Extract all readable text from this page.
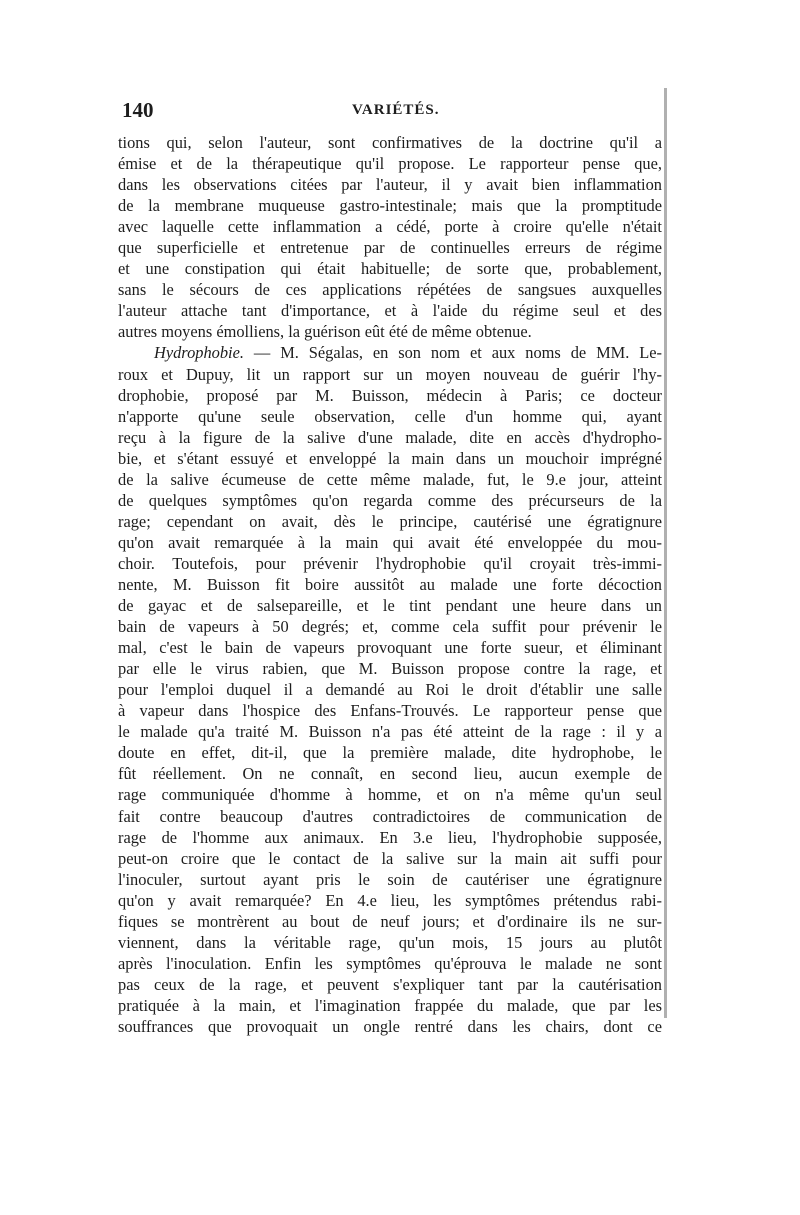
140	VARIÉTÉS.
tions qui, selon l'auteur, sont confirmatives de la doctrine qu'il a
émise et de la thérapeutique qu'il propose. Le rapporteur pense que,
dans les observations citées par l'auteur, il y avait bien inflammation
de la membrane muqueuse gastro-intestinale; mais que la promptitude
avec laquelle cette inflammation a cédé, porte à croire qu'elle n'était
que superficielle et entretenue par de continuelles erreurs de régime
et une constipation qui était habituelle; de sorte que, probablement,
sans le sécours de ces applications répétées de sangsues auxquelles
l'auteur attache tant d'importance, et à l'aide du régime seul et des
autres moyens émolliens, la guérison eût été de même obtenue.
Hydrophobie. — M. Ségalas, en son nom et aux noms de MM. Le-
roux et Dupuy, lit un rapport sur un moyen nouveau de guérir l'hy-
drophobie, proposé par M. Buisson, médecin à Paris; ce docteur
n'apporte qu'une seule observation, celle d'un homme qui, ayant
reçu à la figure de la salive d'une malade, dite en accès d'hydropho-
bie, et s'étant essuyé et enveloppé la main dans un mouchoir imprégné
de la salive écumeuse de cette même malade, fut, le 9.e jour, atteint
de quelques symptômes qu'on regarda comme des précurseurs de la
rage; cependant on avait, dès le principe, cautérisé une égratignure
qu'on avait remarquée à la main qui avait été enveloppée du mou-
choir. Toutefois, pour prévenir l'hydrophobie qu'il croyait très-immi-
nente, M. Buisson fit boire aussitôt au malade une forte décoction
de gayac et de salsepareille, et le tint pendant une heure dans un
bain de vapeurs à 50 degrés; et, comme cela suffit pour prévenir le
mal, c'est le bain de vapeurs provoquant une forte sueur, et éliminant
par elle le virus rabien, que M. Buisson propose contre la rage, et
pour l'emploi duquel il a demandé au Roi le droit d'établir une salle
à vapeur dans l'hospice des Enfans-Trouvés. Le rapporteur pense que
le malade qu'a traité M. Buisson n'a pas été atteint de la rage : il y a
doute en effet, dit-il, que la première malade, dite hydrophobe, le
fût réellement. On ne connaît, en second lieu, aucun exemple de
rage communiquée d'homme à homme, et on n'a même qu'un seul
fait contre beaucoup d'autres contradictoires de communication de
rage de l'homme aux animaux. En 3.e lieu, l'hydrophobie supposée,
peut-on croire que le contact de la salive sur la main ait suffi pour
l'inoculer, surtout ayant pris le soin de cautériser une égratignure
qu'on y avait remarquée? En 4.e lieu, les symptômes prétendus rabi-
fiques se montrèrent au bout de neuf jours; et d'ordinaire ils ne sur-
viennent, dans la véritable rage, qu'un mois, 15 jours au plutôt
après l'inoculation. Enfin les symptômes qu'éprouva le malade ne sont
pas ceux de la rage, et peuvent s'expliquer tant par la cautérisation
pratiquée à la main, et l'imagination frappée du malade, que par les
souffrances que provoquait un ongle rentré dans les chairs, dont ce
